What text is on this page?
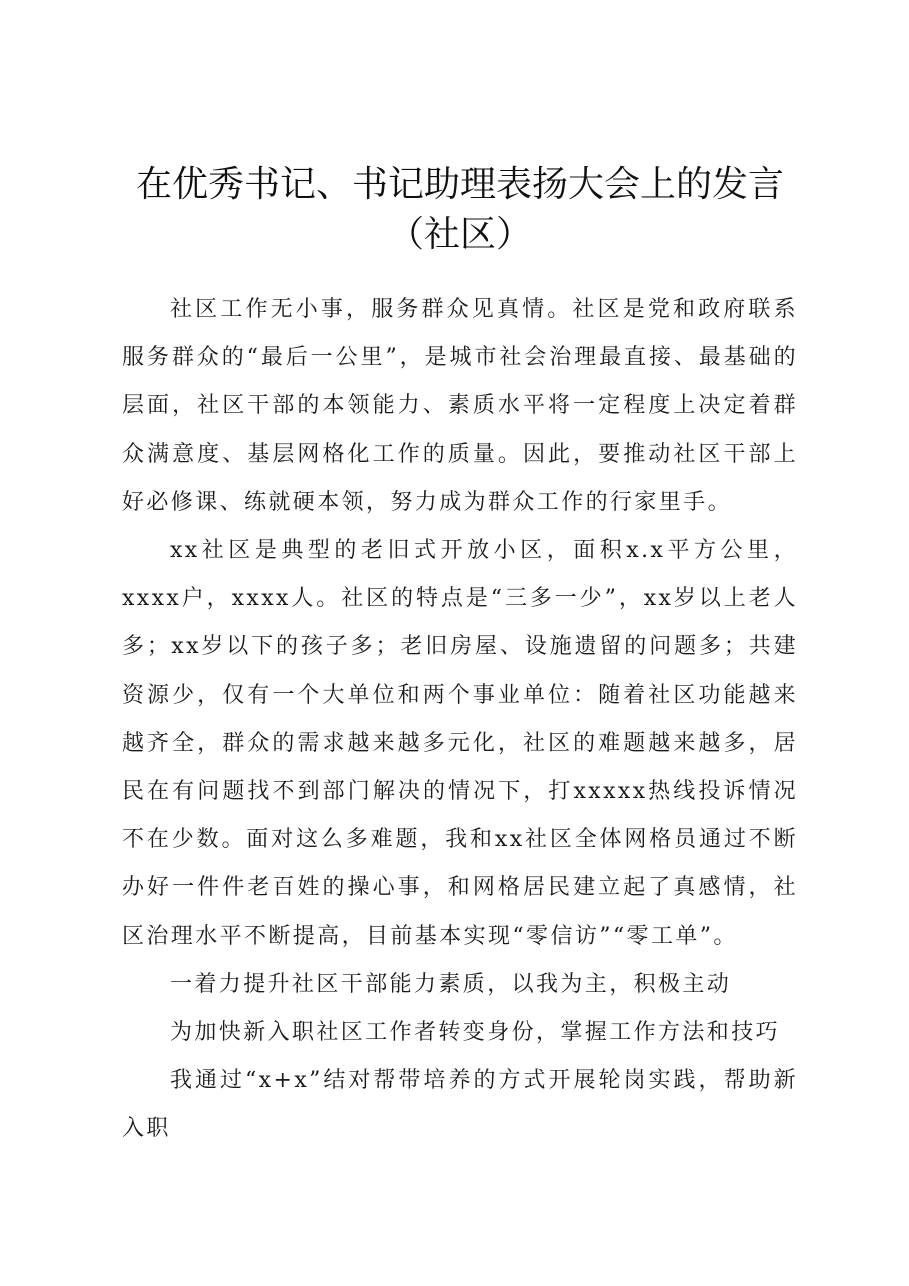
在优秀书记、书记助理表扬大会上的发言（社区）

社区工作无小事，服务群众见真情。社区是党和政府联系服务群众的“最后一公里”，是城市社会治理最直接、最基础的层面，社区干部的本领能力、素质水平将一定程度上决定着群众满意度、基层网格化工作的质量。因此，要推动社区干部上好必修课、练就硬本领，努力成为群众工作的行家里手。

xx社区是典型的老旧式开放小区，面积x.x平方公里，xxxx户，xxxx人。社区的特点是“三多一少”，xx岁以上老人多；xx岁以下的孩子多；老旧房屋、设施遗留的问题多；共建资源少，仅有一个大单位和两个事业单位：随着社区功能越来越齐全，群众的需求越来越多元化，社区的难题越来越多，居民在有问题找不到部门解决的情况下，打xxxxx热线投诉情况不在少数。面对这么多难题，我和xx社区全体网格员通过不断办好一件件老百姓的操心事，和网格居民建立起了真感情，社区治理水平不断提高，目前基本实现“零信访”“零工单”。

一着力提升社区干部能力素质，以我为主，积极主动

为加快新入职社区工作者转变身份，掌握工作方法和技巧

我通过“x+x”结对帮带培养的方式开展轮岗实践，帮助新入职
